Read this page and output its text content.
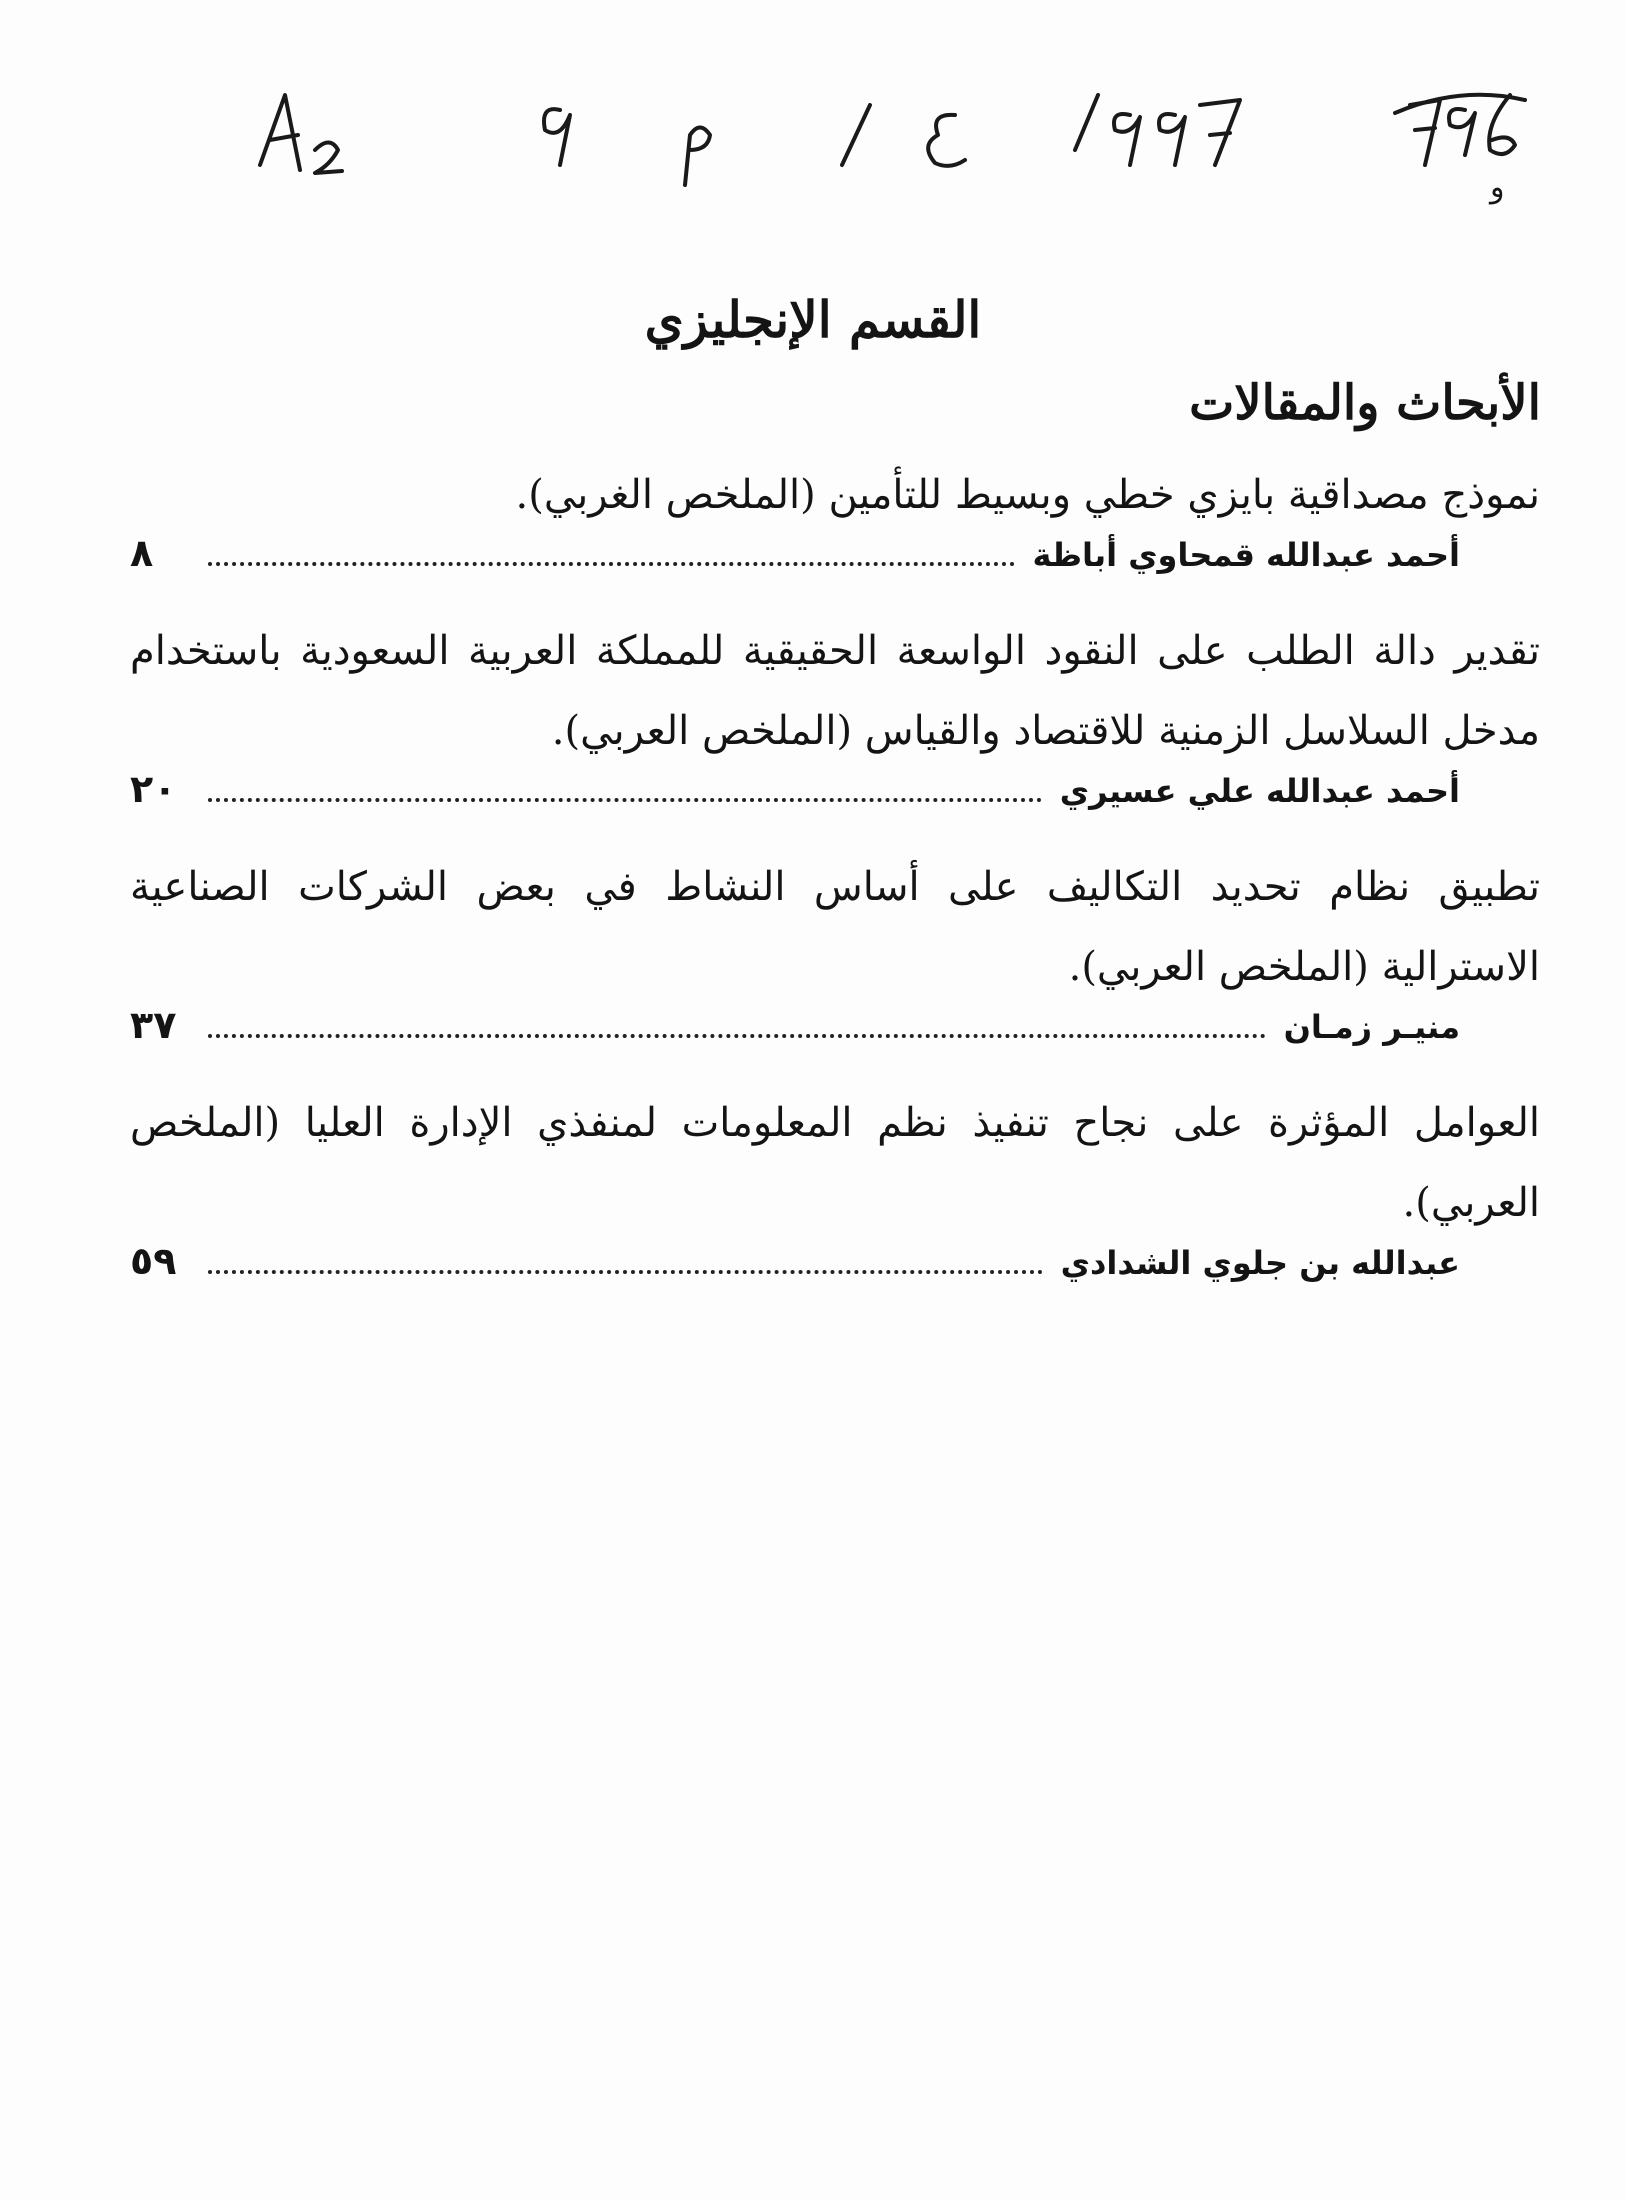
و
القسم الإنجليزي
الأبحاث والمقالات
نموذج مصداقية بايزي خطي وبسيط للتأمين (الملخص الغربي).
أحمد عبدالله قمحاوي أباظة
٨
تقدير دالة الطلب على النقود الواسعة الحقيقية للمملكة العربية السعودية باستخدام مدخل السلاسل الزمنية للاقتصاد والقياس (الملخص العربي).
أحمد عبدالله علي عسيري
٢٠
تطبيق نظام تحديد التكاليف على أساس النشاط في بعض الشركات الصناعية الاسترالية (الملخص العربي).
منيـر زمـان
٣٧
العوامل المؤثرة على نجاح تنفيذ نظم المعلومات لمنفذي الإدارة العليا (الملخص العربي).
عبدالله بن جلوي الشدادي
٥٩
